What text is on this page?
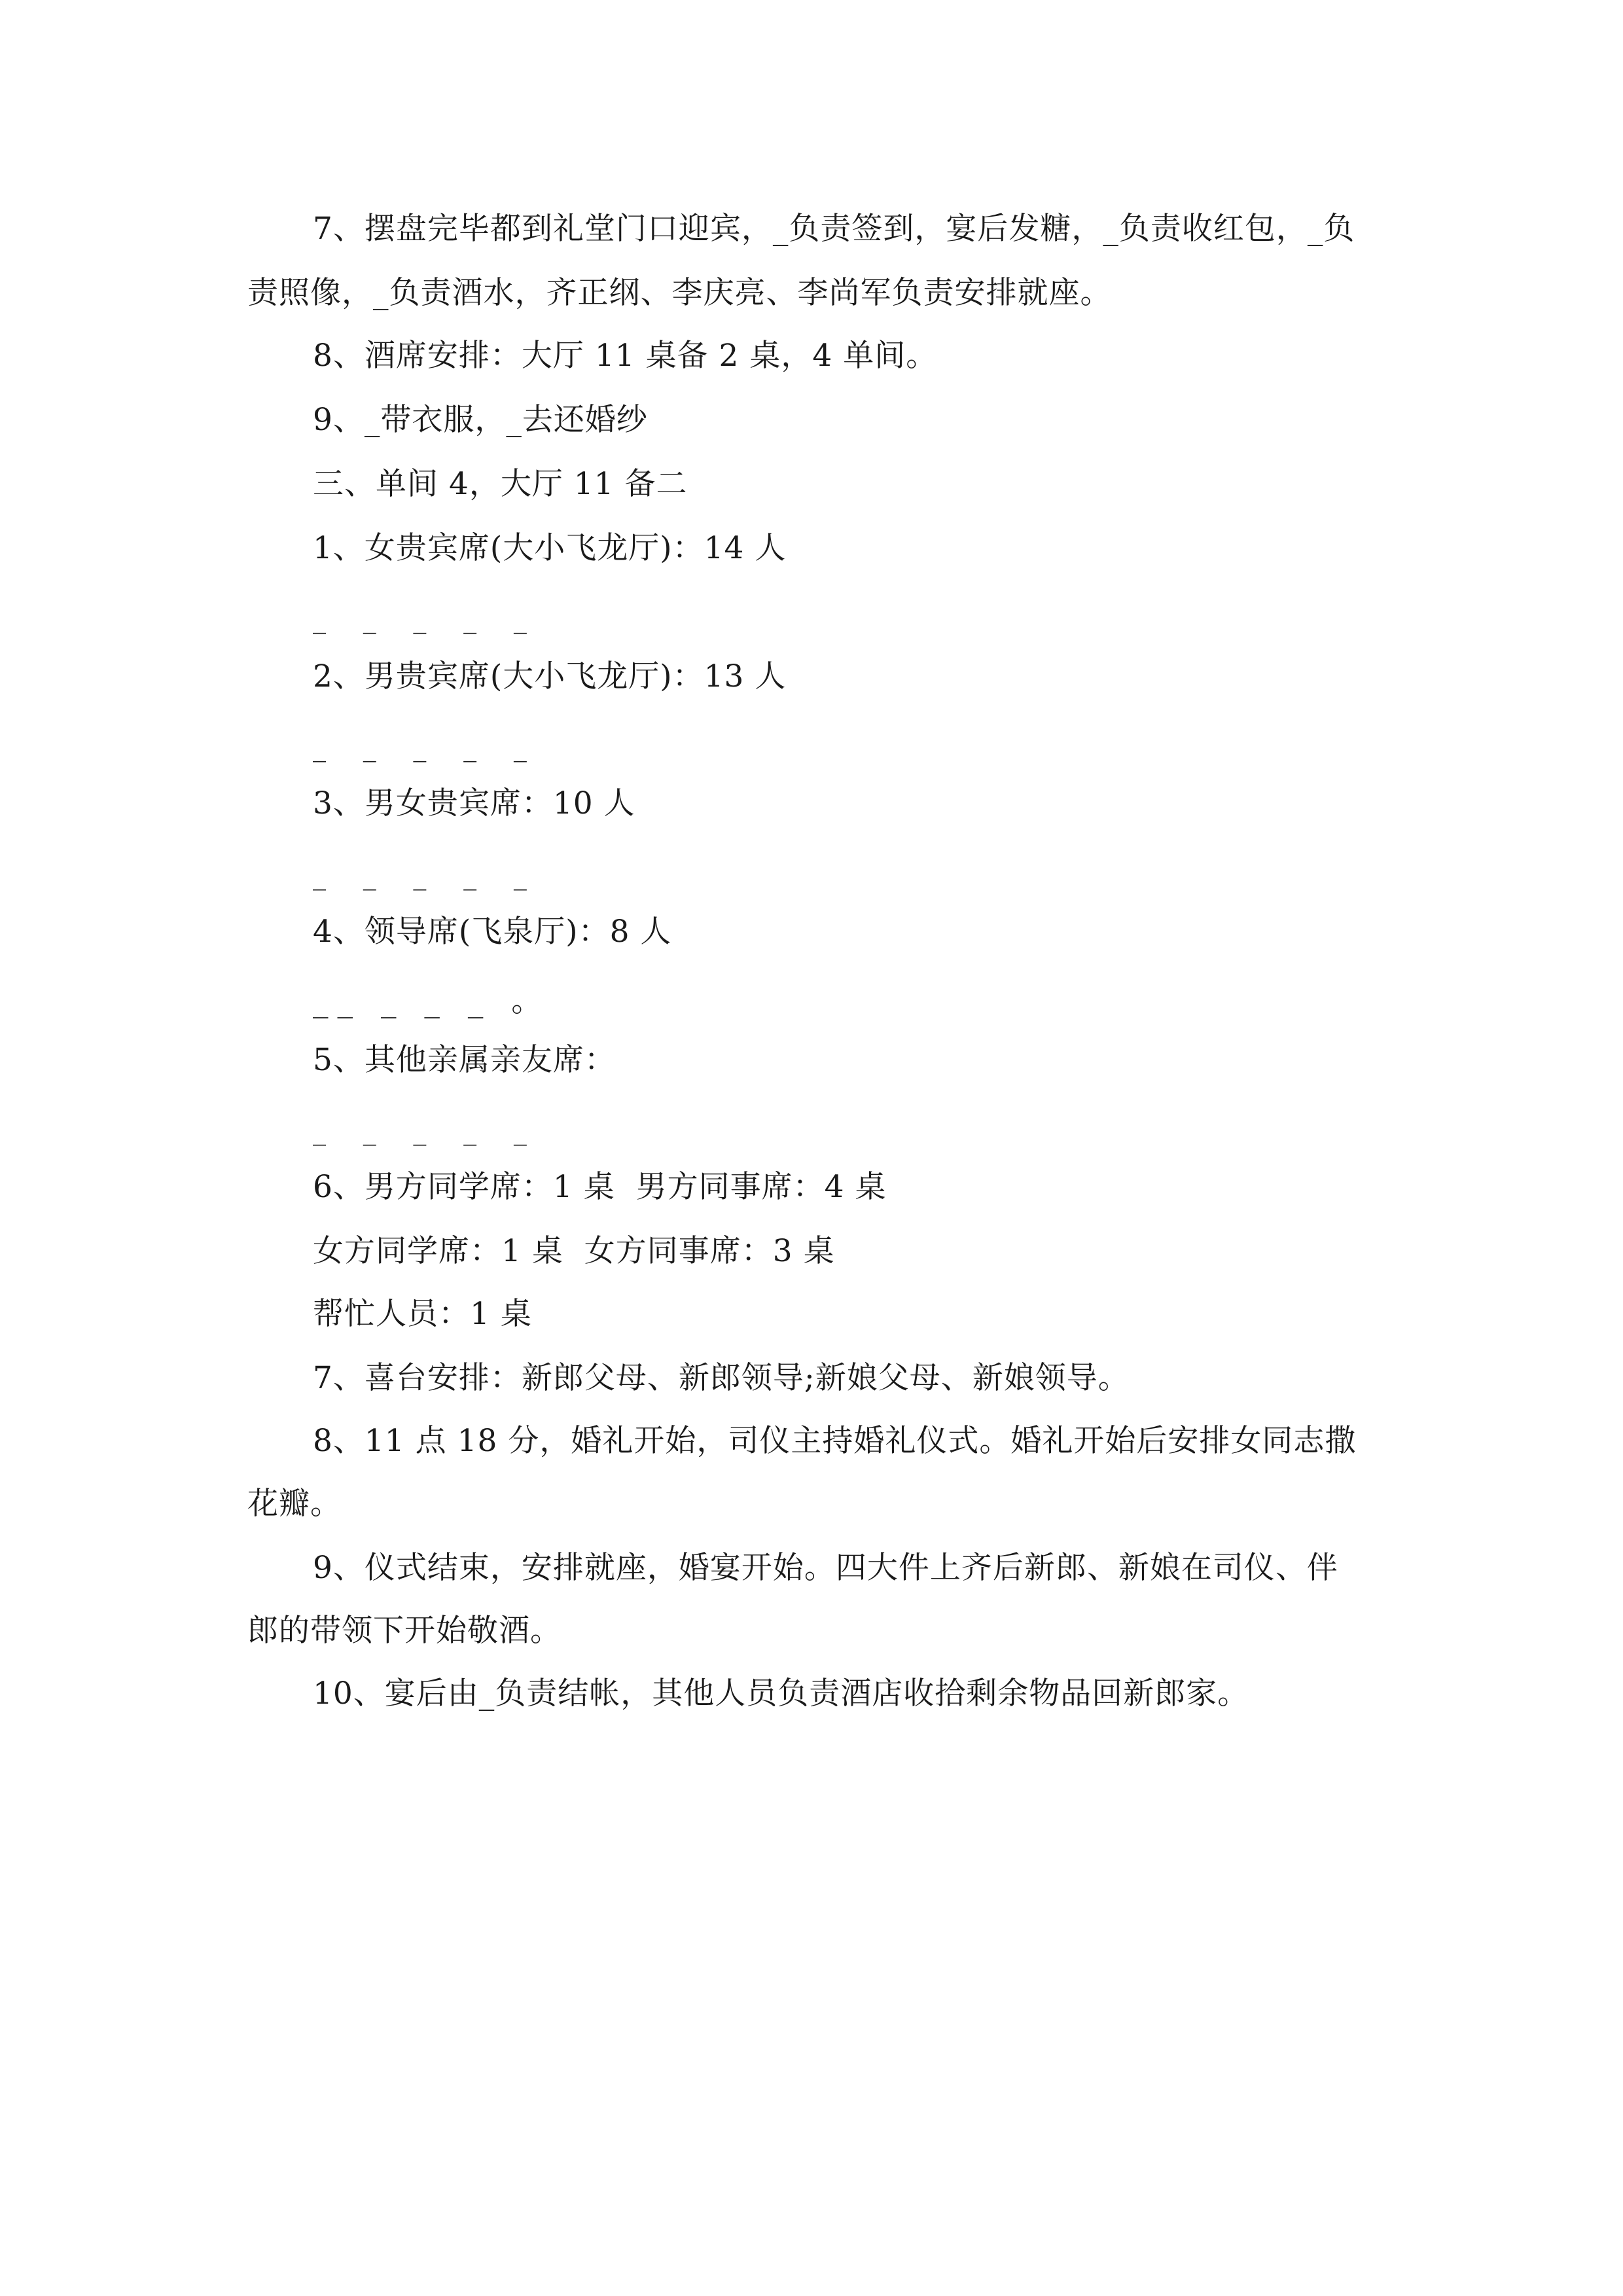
7、摆盘完毕都到礼堂门口迎宾，_负责签到，宴后发糖，_负责收红包，_负
责照像，_负责酒水，齐正纲、李庆亮、李尚军负责安排就座。
8、酒席安排：大厅 11 桌备 2 桌，4 单间。
9、_带衣服，_去还婚纱
三、单间 4，大厅 11 备二
1、女贵宾席(大小飞龙厅)：14 人
_ _ _ _ _
2、男贵宾席(大小飞龙厅)：13 人
_ _ _ _ _
3、男女贵宾席：10 人
_ _ _ _ _
4、领导席(飞泉厅)：8 人
__ _ _ _ 。
5、其他亲属亲友席：
_ _ _ _ _
6、男方同学席：1 桌  男方同事席：4 桌
女方同学席：1 桌  女方同事席：3 桌
帮忙人员：1 桌
7、喜台安排：新郎父母、新郎领导;新娘父母、新娘领导。
8、11 点 18 分，婚礼开始，司仪主持婚礼仪式。婚礼开始后安排女同志撒
花瓣。
9、仪式结束，安排就座，婚宴开始。四大件上齐后新郎、新娘在司仪、伴
郎的带领下开始敬酒。
10、宴后由_负责结帐，其他人员负责酒店收拾剩余物品回新郎家。
